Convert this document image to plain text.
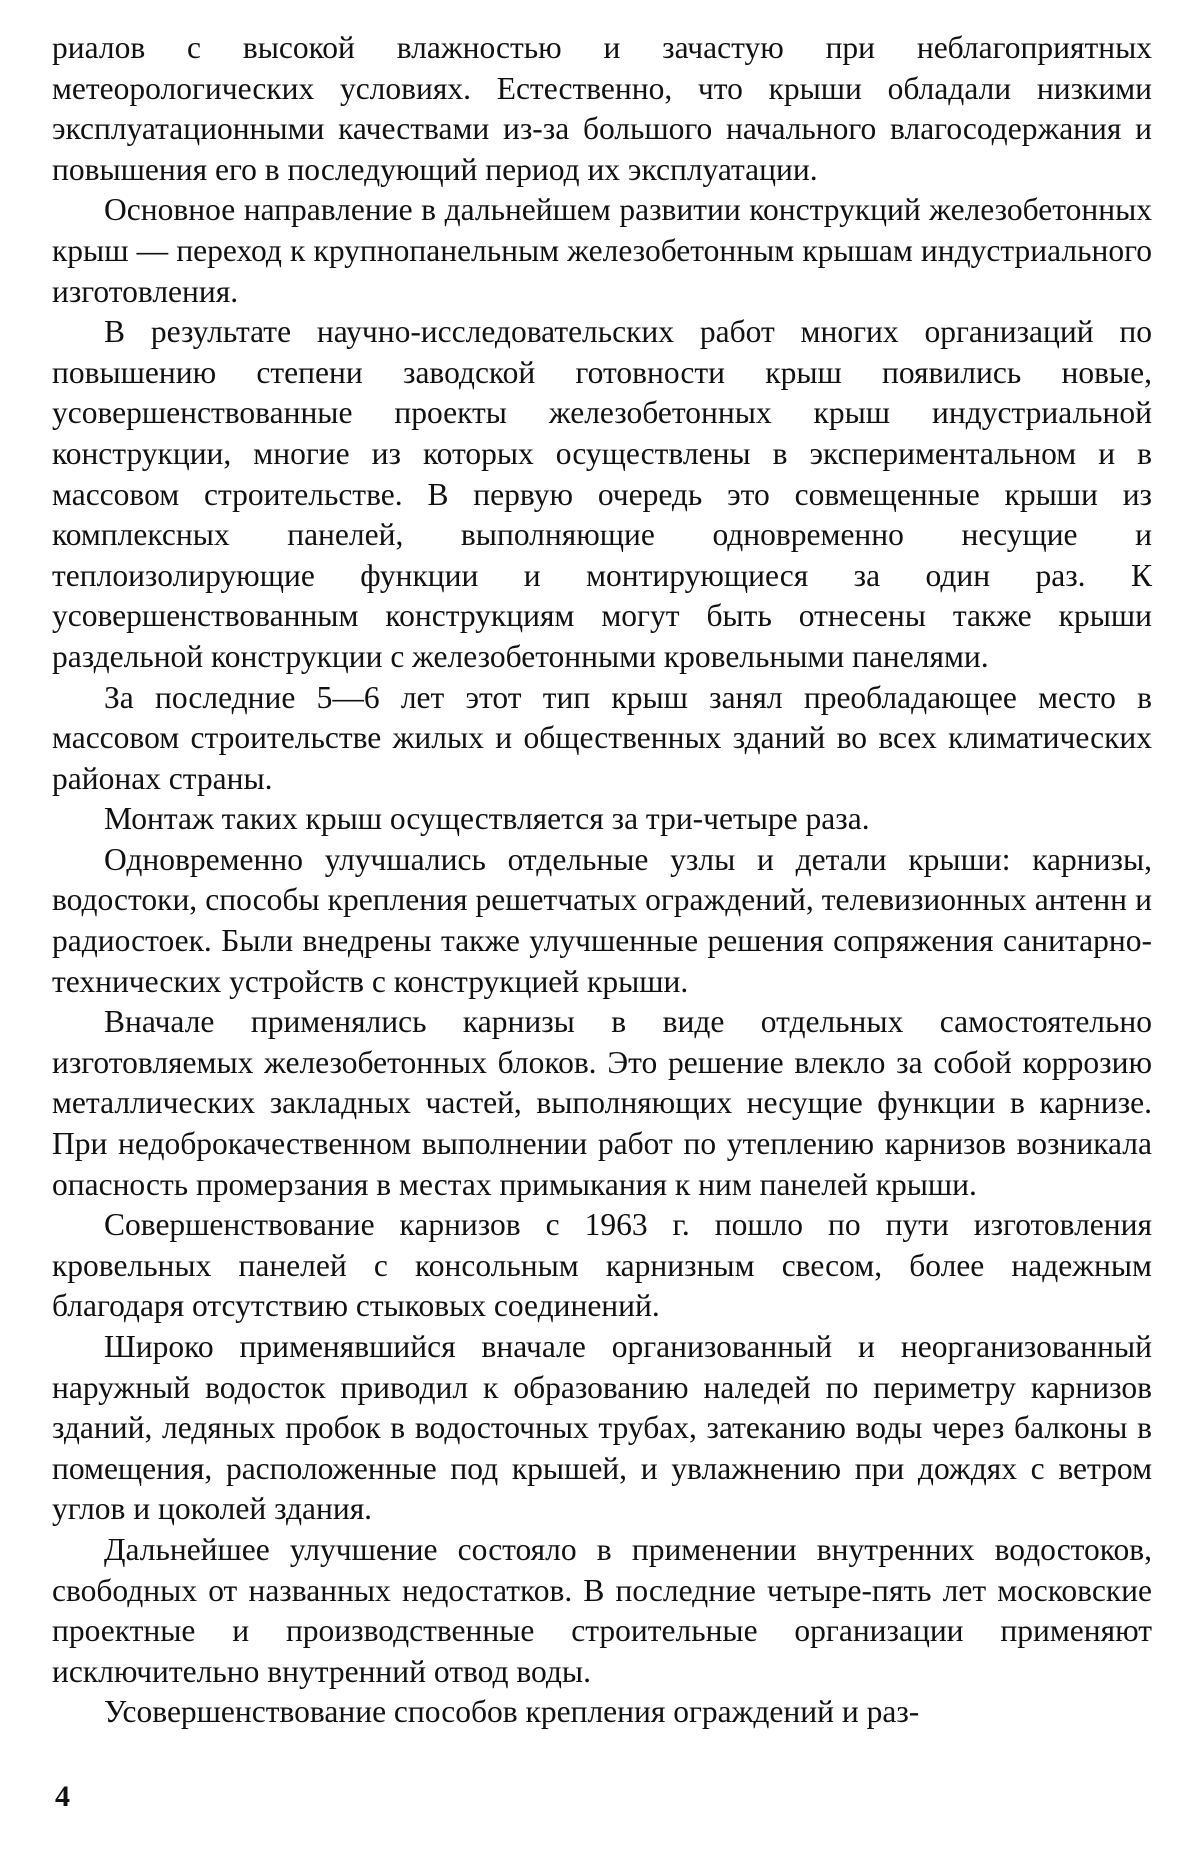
риалов с высокой влажностью и зачастую при неблагоприятных метеорологических условиях. Естественно, что крыши обладали низкими эксплуатационными качествами из-за большого начального влагосодержания и повышения его в последующий период их эксплуатации.

Основное направление в дальнейшем развитии конструкций железобетонных крыш — переход к крупнопанельным железобетонным крышам индустриального изготовления.

В результате научно-исследовательских работ многих организаций по повышению степени заводской готовности крыш появились новые, усовершенствованные проекты железобетонных крыш индустриальной конструкции, многие из которых осуществлены в экспериментальном и в массовом строительстве. В первую очередь это совмещенные крыши из комплексных панелей, выполняющие одновременно несущие и теплоизолирующие функции и монтирующиеся за один раз. К усовершенствованным конструкциям могут быть отнесены также крыши раздельной конструкции с железобетонными кровельными панелями.

За последние 5—6 лет этот тип крыш занял преобладающее место в массовом строительстве жилых и общественных зданий во всех климатических районах страны.

Монтаж таких крыш осуществляется за три-четыре раза.

Одновременно улучшались отдельные узлы и детали крыши: карнизы, водостоки, способы крепления решетчатых ограждений, телевизионных антенн и радиостоек. Были внедрены также улучшенные решения сопряжения санитарно-технических устройств с конструкцией крыши.

Вначале применялись карнизы в виде отдельных самостоятельно изготовляемых железобетонных блоков. Это решение влекло за собой коррозию металлических закладных частей, выполняющих несущие функции в карнизе. При недоброкачественном выполнении работ по утеплению карнизов возникала опасность промерзания в местах примыкания к ним панелей крыши.

Совершенствование карнизов с 1963 г. пошло по пути изготовления кровельных панелей с консольным карнизным свесом, более надежным благодаря отсутствию стыковых соединений.

Широко применявшийся вначале организованный и неорганизованный наружный водосток приводил к образованию наледей по периметру карнизов зданий, ледяных пробок в водосточных трубах, затеканию воды через балконы в помещения, расположенные под крышей, и увлажнению при дождях с ветром углов и цоколей здания.

Дальнейшее улучшение состояло в применении внутренних водостоков, свободных от названных недостатков. В последние четыре-пять лет московские проектные и производственные строительные организации применяют исключительно внутренний отвод воды.

Усовершенствование способов крепления ограждений и раз-

4
